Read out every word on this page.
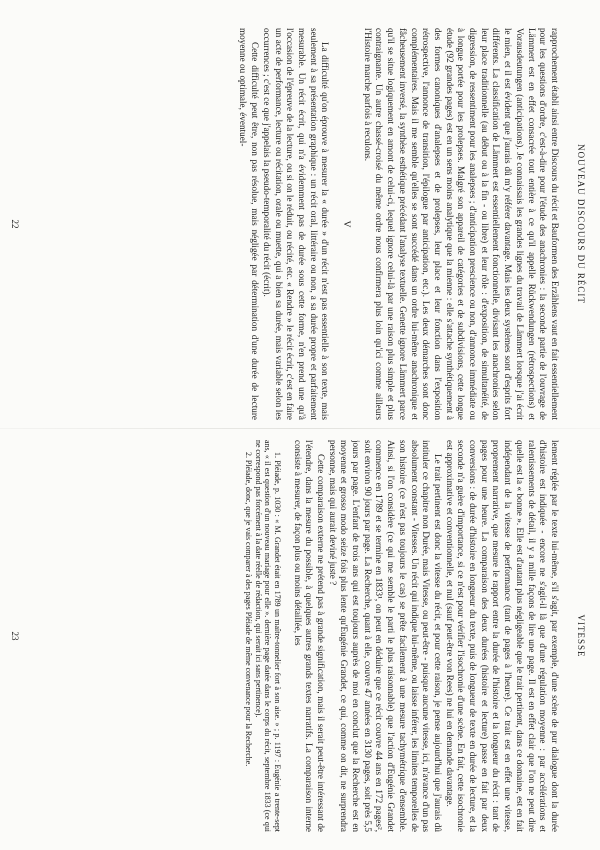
NOUVEAU DISCOURS DU RÉCIT

rapprochement établi ainsi entre Discours du récit et Bauformen des Erzählens vaut en fait essentiellement pour les questions d'ordre, c'est-à-dire pour l'étude des anachronies : la seconde partie de l'ouvrage de Lämmert est en effet consacrée tout entière à ce qu'il appelle Rückwendungen (rétrospections) et Vorausdeutungen (anticipations). Je connaissais les grandes lignes du travail de Lämmert lorsque j'ai écrit le mien, et il est évident que j'aurais dû m'y référer davantage. Mais les deux systèmes sont d'esprits fort différents. La classification de Lämmert est essentiellement fonctionnelle, divisant les anachronies selon leur place traditionnelle (au début ou à la fin - ou libre) et leur rôle : d'exposition, de simultanéité, de digression, de ressentiment pour les analepses ; d'anticipation prescience ou non, d'annonce immédiate ou à longue portée pour les prolepses. Malgré son appareil de catégories et de subdivisions, cette longue étude (92 grandes pages) est en un sens moins analytique que la mienne : elle s'attache synthétiquement à des formes canoniques d'analepses et de prolepses, leur place et leur fonction dans l'exposition rétrospective, l'annonce de transition, l'épilogue par anticipation, etc.). Les deux démarches sont donc complémentaires. Mais il me semble qu'elles se sont succédé dans un ordre lui-même anachronique et fâcheusement inversé, la synthèse esthétique précédant l'analyse textuelle. Genette ignore Lämmert parce qu'il se situe logiquement en amont de celui-ci, lequel ignore celui-là par une raison plus simple et plus contraignante. Un autre chassé-croisé du même ordre nous confirmera plus loin qu'ici comme ailleurs l'Histoire marche parfois à reculons.

V

La difficulté qu'on éprouve à mesurer la « durée » d'un récit n'est pas essentielle à son texte, mais seulement à sa présentation graphique : un récit oral, littéraire ou non, a sa durée propre et parfaitement mesurable. Un récit écrit, qui n'a évidemment pas de durée sous cette forme, n'en prend une qu'à l'occasion de l'épreuve de la lecture, ou si on le réduit, ou récité, etc. « Rendre » le récit écrit, c'est en faire un acte de performance, lecture ou récitation, orale ou muette, qui a bien sa durée, mais variable selon les occurrences ; c'est ce que j'appelais la pseudo-temporalité du récit (écrit).

Cette difficulté peut être, non pas résolue, mais négligée par détermination d'une durée de lecture moyenne ou optimale, éventuel-

22
VITESSE

lement réglée par le texte lui-même, s'il s'agit, par exemple, d'une scène de pur dialogue dont la durée d'histoire est indiquée - encore ne s'agit-il là que d'une régulation moyenne : par accélérations et ralentissements de détail, il y a mille façons de lire une page. Il est en effet clair que l'on ne peut dire quelle est la « bonne ». Elle est d'autant plus négligeable que le trait pertinent, dans ce domaine, est en fait indépendant de la vitesse de performance (tant de pages à l'heure). Ce trait est en effet une vitesse, proprement narrative, que mesure le rapport entre la durée de l'histoire et la longueur du récit : tant de pages pour une heure. La comparaison des deux durées (histoire et lecture) passe en fait par deux conversions : de durée d'histoire en longueur du texte, puis de longueur de texte en durée de lecture, et la seconde n'a guère d'importance, si ce n'est pour vérifier l'isochronie d'une scène. En fait, cette isochronie est approximative et conventionnelle, et nul (sauf peut-être von Rees) ne lui en demande davantage.

Le trait pertinent est donc la vitesse du récit, et pour cette raison, je pense aujourd'hui que j'aurais dû intituler ce chapitre non Durée, mais Vitesse, ou peut-être - puisque aucune vitesse, ici, n'avance d'un pas absolument constant - Vitesses. Un récit qui indique lui-même, ou laisse inférer, les limites temporelles de son histoire (ce n'est pas toujours le cas) se prête facilement à une mesure tachymétrique d'ensemble. Ainsi, si l'on considère (ce qui me semble le parti le plus raisonnable) que l'action d'Eugénie Grandet commence en 1789 et se termine en 1833¹, on peut en déduire que ce récit couvre 44 ans en 172 pages², soit environ 90 jours par page. La Recherche, quant à elle, couvre 47 années en 3130 pages, soit près 5,5 jours par page. L'enfant de trois ans qui est toujours auprès de moi en conclut que la Recherche est en moyenne et grosso modo seize fois plus lente qu'Eugénie Grandet, ce qui, comme on dit, ne surprendra personne, mais qui aurait deviné juste ?

Cette comparaison externe ne prétend pas à grande signification, mais il serait peut-être intéressant de l'étendre, dans la mesure du possible, à quelques autres grands textes narratifs. La comparaison interne consiste à mesurer, de façon plus ou moins détaillée, les

1. Pléiade, p. 1030 : « M. Grandet était en 1789 un maître-tonnelier fort à son aise. » ; p. 1197 : Eugénie a trente-sept ans, « il est question d'un nouveau mariage pour elle ». dernière page datée dans le corps du récit, septembre 1833 (ce qui ne correspond pas forcément à la date réelle de rédaction, qui serait ici sans pertinence).

2. Pléiade, donc, que je vais comparer à des pages Pléiade de même convenance pour la Recherche.

23
